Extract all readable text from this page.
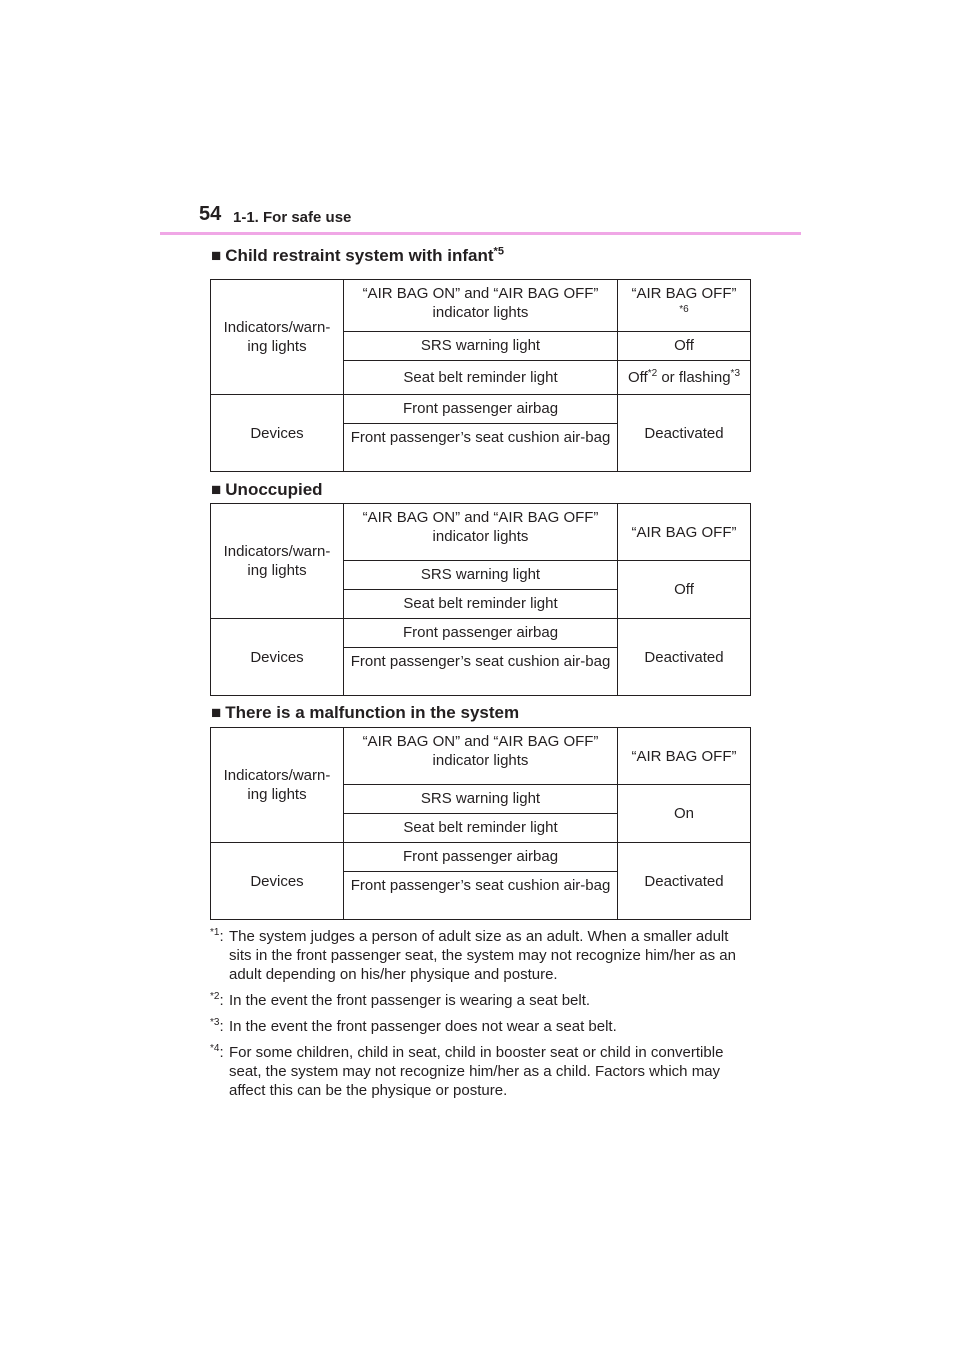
54 1-1. For safe use
■ Child restraint system with infant$^{*5}$
Indicators/warn-ing lights	“AIR BAG ON” and “AIR BAG OFF” indicator lights	“AIR BAG OFF”
*6

	SRS warning light	Off
	Seat belt reminder light	Off$^{*2}$ or flashing$^{*3}$
Devices	Front passenger airbag	Deactivated
	Front passenger’s seat cushion air-bag	
■ Unoccupied
Indicators/warn-ing lights	“AIR BAG ON” and “AIR BAG OFF” indicator lights	“AIR BAG OFF”
	SRS warning light	Off
	Seat belt reminder light	
Devices	Front passenger airbag	Deactivated
	Front passenger’s seat cushion air-bag	
■ There is a malfunction in the system
Indicators/warn-ing lights	“AIR BAG ON” and “AIR BAG OFF” indicator lights	“AIR BAG OFF”
	SRS warning light	On
	Seat belt reminder light	
Devices	Front passenger airbag	Deactivated
	Front passenger’s seat cushion air-bag	
$^{*1}$: The system judges a person of adult size as an adult. When a smaller adult sits in the front passenger seat, the system may not recognize him/her as an adult depending on his/her physique and posture.
$^{*2}$: In the event the front passenger is wearing a seat belt.
$^{*3}$: In the event the front passenger does not wear a seat belt.
$^{*4}$: For some children, child in seat, child in booster seat or child in convertible seat, the system may not recognize him/her as a child. Factors which may affect this can be the physique or posture.
